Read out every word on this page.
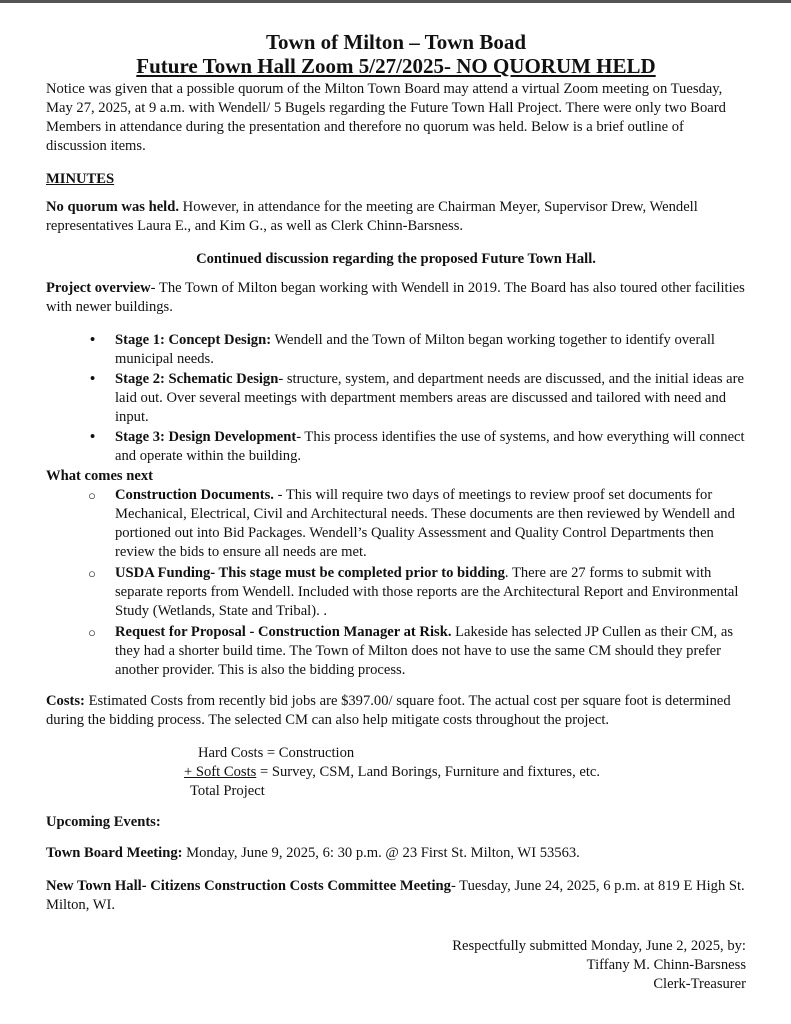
Town of Milton – Town Boad
Future Town Hall Zoom 5/27/2025- NO QUORUM HELD

Notice was given that a possible quorum of the Milton Town Board may attend a virtual Zoom meeting on Tuesday, May 27, 2025, at 9 a.m. with Wendell/ 5 Bugels regarding the Future Town Hall Project. There were only two Board Members in attendance during the presentation and therefore no quorum was held. Below is a brief outline of discussion items.

MINUTES

No quorum was held. However, in attendance for the meeting are Chairman Meyer, Supervisor Drew, Wendell representatives Laura E., and Kim G., as well as Clerk Chinn-Barsness.

Continued discussion regarding the proposed Future Town Hall.

Project overview- The Town of Milton began working with Wendell in 2019. The Board has also toured other facilities with newer buildings.

• Stage 1: Concept Design: Wendell and the Town of Milton began working together to identify overall municipal needs.
• Stage 2: Schematic Design- structure, system, and department needs are discussed, and the initial ideas are laid out. Over several meetings with department members areas are discussed and tailored with need and input.
• Stage 3: Design Development- This process identifies the use of systems, and how everything will connect and operate within the building.

What comes next

○ Construction Documents. - This will require two days of meetings to review proof set documents for Mechanical, Electrical, Civil and Architectural needs. These documents are then reviewed by Wendell and portioned out into Bid Packages. Wendell’s Quality Assessment and Quality Control Departments then review the bids to ensure all needs are met.
○ USDA Funding- This stage must be completed prior to bidding. There are 27 forms to submit with separate reports from Wendell. Included with those reports are the Architectural Report and Environmental Study (Wetlands, State and Tribal). .
○ Request for Proposal - Construction Manager at Risk. Lakeside has selected JP Cullen as their CM, as they had a shorter build time. The Town of Milton does not have to use the same CM should they prefer another provider. This is also the bidding process.

Costs: Estimated Costs from recently bid jobs are $397.00/ square foot. The actual cost per square foot is determined during the bidding process. The selected CM can also help mitigate costs throughout the project.

Hard Costs = Construction
+ Soft Costs = Survey, CSM, Land Borings, Furniture and fixtures, etc.
Total Project

Upcoming Events:

Town Board Meeting: Monday, June 9, 2025, 6: 30 p.m. @ 23 First St. Milton, WI 53563.

New Town Hall- Citizens Construction Costs Committee Meeting- Tuesday, June 24, 2025, 6 p.m. at 819 E High St. Milton, WI.

Respectfully submitted Monday, June 2, 2025, by:
Tiffany M. Chinn-Barsness
Clerk-Treasurer
